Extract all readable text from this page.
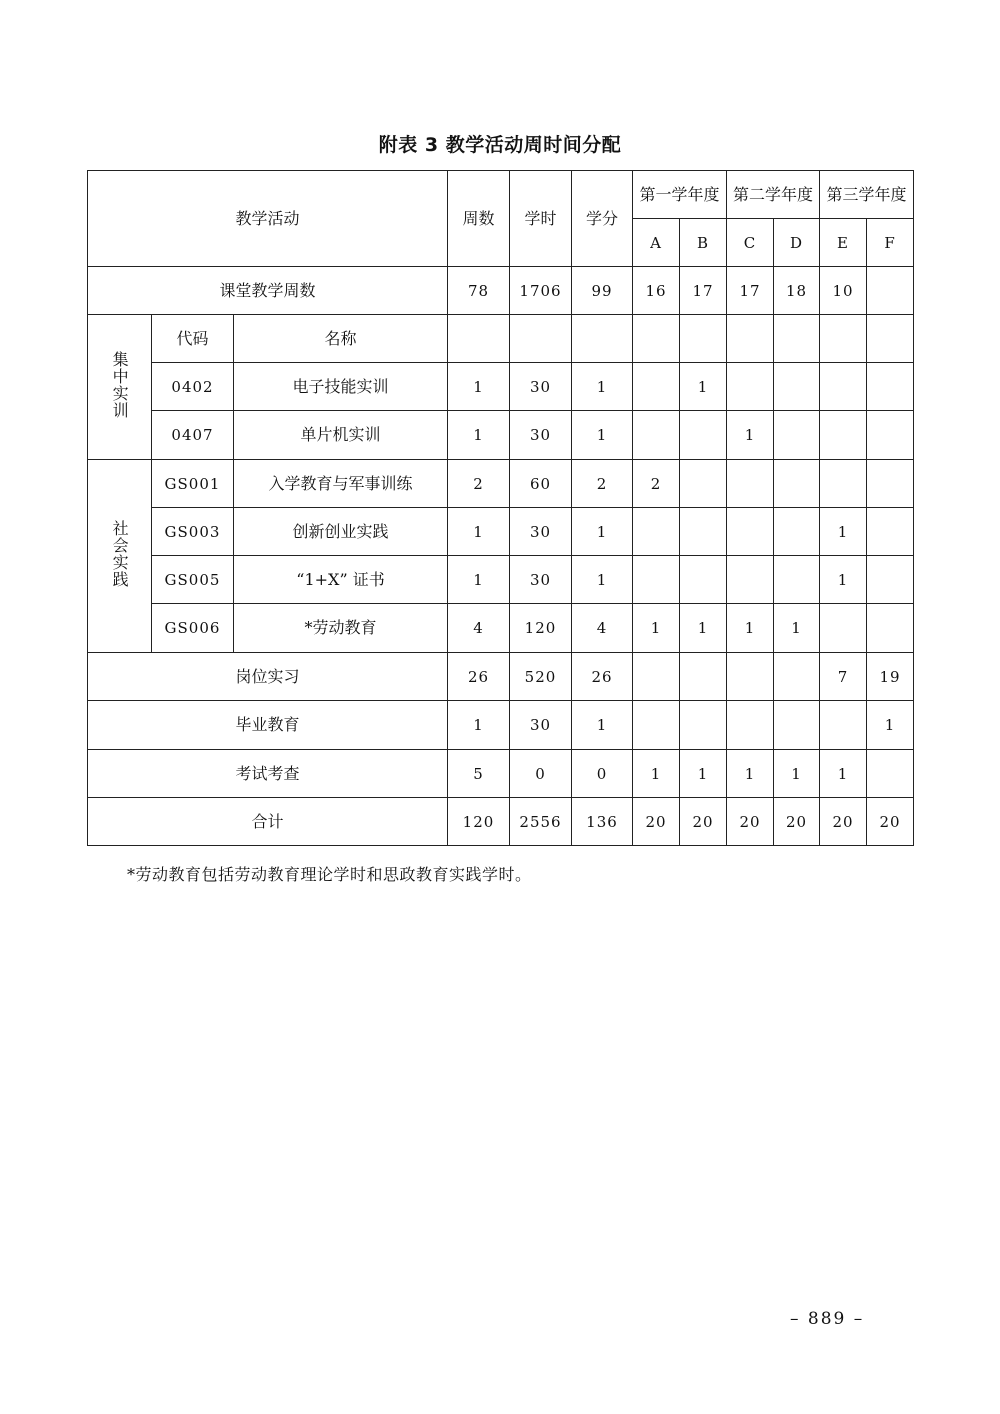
附表 3 教学活动周时间分配
教学活动			周数	学时	学分	第一学年度		第二学年度		第三学年度	
						A	B	C	D	E	F
课堂教学周数			78	1706	99	16	17	17	18	10	
集中实训	代码	名称									
	0402	电子技能实训	1	30	1		1				
	0407	单片机实训	1	30	1			1			
社会实践	GS001	入学教育与军事训练	2	60	2	2					
	GS003	创新创业实践	1	30	1					1	
	GS005	“1+X” 证书	1	30	1					1	
	GS006	*劳动教育	4	120	4	1	1	1	1		
岗位实习			26	520	26					7	19
毕业教育			1	30	1						1
考试考查			5	0	0	1	1	1	1	1	
合计			120	2556	136	20	20	20	20	20	20
*劳动教育包括劳动教育理论学时和思政教育实践学时。
– 889 –
